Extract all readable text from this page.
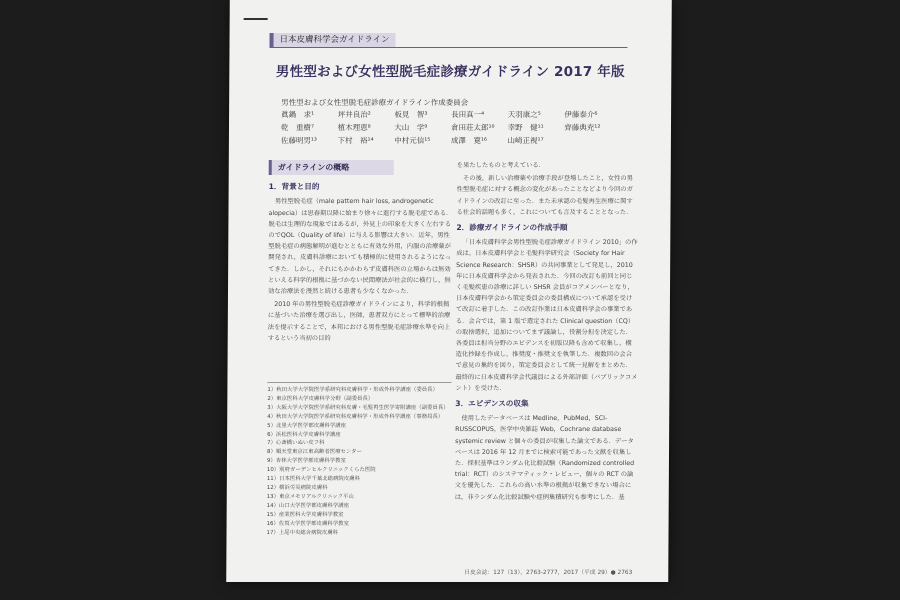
日本皮膚科学会ガイドライン
男性型および女性型脱毛症診療ガイドライン 2017 年版
男性型および女性型脱毛症診療ガイドライン作成委員会
眞鍋　求¹	坪井良治²	板見　智³	長田真一⁴	天羽康之⁵	伊藤泰介⁶
乾　重樹⁷	植木理恵⁸	大山　学⁹	倉田荘太郎¹⁰	幸野　健¹¹	齊藤典充¹²
佐藤明男¹³	下村　裕¹⁴	中村元信¹⁵	成澤　寛¹⁶	山崎正視¹⁷
ガイドラインの概略
1．背景と目的

男性型脱毛症（male pattern hair loss, androgenetic alopecia）は思春期以降に始まり徐々に進行する脱毛症である．脱毛は生理的な現象ではあるが，外見上の印象を大きく左右するのでQOL（Quality of life）に与える影響は大きい．近年，男性型脱毛症の病態解明が進むとともに有効な外用，内服の治療薬が開発され，皮膚科診療においても積極的に使用されるようになってきた．しかし，それにもかかわらず皮膚科医の立場からは無効といえる科学的根拠に基づかない民間療法が社会的に横行し，無効な治療法を漫然と続ける患者も少なくなかった．

2010 年の男性型脱毛症診療ガイドラインにより，科学的根拠に基づいた治療を選び出し，医師，患者双方にとって標準的治療法を提示することで，本邦における男性型脱毛症診療水準を向上するという当初の目的

1）秋田大学大学院医学系研究科皮膚科学・形成外科学講座（委員長）
2）東京医科大学皮膚科学分野（副委員長）
3）大阪大学大学院医学系研究科皮膚・毛髪再生医学寄附講座（副委員長）
4）秋田大学大学院医学系研究科皮膚科学・形成外科学講座（事務局長）
5）北里大学医学部皮膚科学講座
6）浜松医科大学皮膚科学講座
7）心斎橋いぬい皮フ科
8）順天堂東京江東高齢者医療センター
9）杏林大学医学部皮膚科学教室
10）別府ガーデンヒルクリニックくらた医院
11）日本医科大学千葉北総病院皮膚科
12）横浜労災病院皮膚科
13）東京メモリアルクリニック平山
14）山口大学医学部皮膚科学講座
15）産業医科大学皮膚科学教室
16）佐賀大学医学部皮膚科学教室
17）上尾中央総合病院皮膚科

を果たしたものと考えている．

その後，新しい治療薬や治療手段が登場したこと，女性の男性型脱毛症に対する概念の変化があったことなどより今回のガイドラインの改訂に至った．また未承認の毛髪再生医療に関する社会的話題も多く，これについても言及することとなった．

2．診療ガイドラインの作成手順

「日本皮膚科学会男性型脱毛症診療ガイドライン 2010」の作成は，日本皮膚科学会と毛髪科学研究会（Society for Hair Science Research：SHSR）の共同事業として発足し，2010 年に日本皮膚科学会から発表された．今回の改訂も前回と同じく毛髪疾患の診療に詳しい SHSR 会員がコアメンバーとなり，日本皮膚科学会から策定委員会の委員構成について承認を受けて改訂に着手した．この改訂作業は日本皮膚科学会の事業である．会合では，第 1 版で選定された Clinical question（CQ）の取捨選択，追加についてまず議論し，役割分担を決定した．各委員は担当分野のエビデンスを初版以降も含めて収集し，構造化抄録を作成し，推奨度・推奨文を執筆した．複数回の会合で意見の集約を図り，策定委員会として統一見解をまとめた．最終的に日本皮膚科学会代議員による外部評価（パブリックコメント）を受けた．

3．エビデンスの収集

使用したデータベースは Medline，PubMed，SCI-RUSSCOPUS，医学中央雑誌 Web，Cochrane database systemic review と個々の委員が収集した論文である．データベースは 2016 年 12 月までに検索可能であった文献を収集した．採択基準はランダム化比較試験（Randomized controlled trial：RCT）のシステマティック・レビュー，個々の RCT の論文を優先した．これらの高い水準の根拠が収集できない場合には，非ランダム化比較試験や症例集積研究も参考にした．基

日皮会誌：127（13），2763-2777，2017（平成 29）● 2763
